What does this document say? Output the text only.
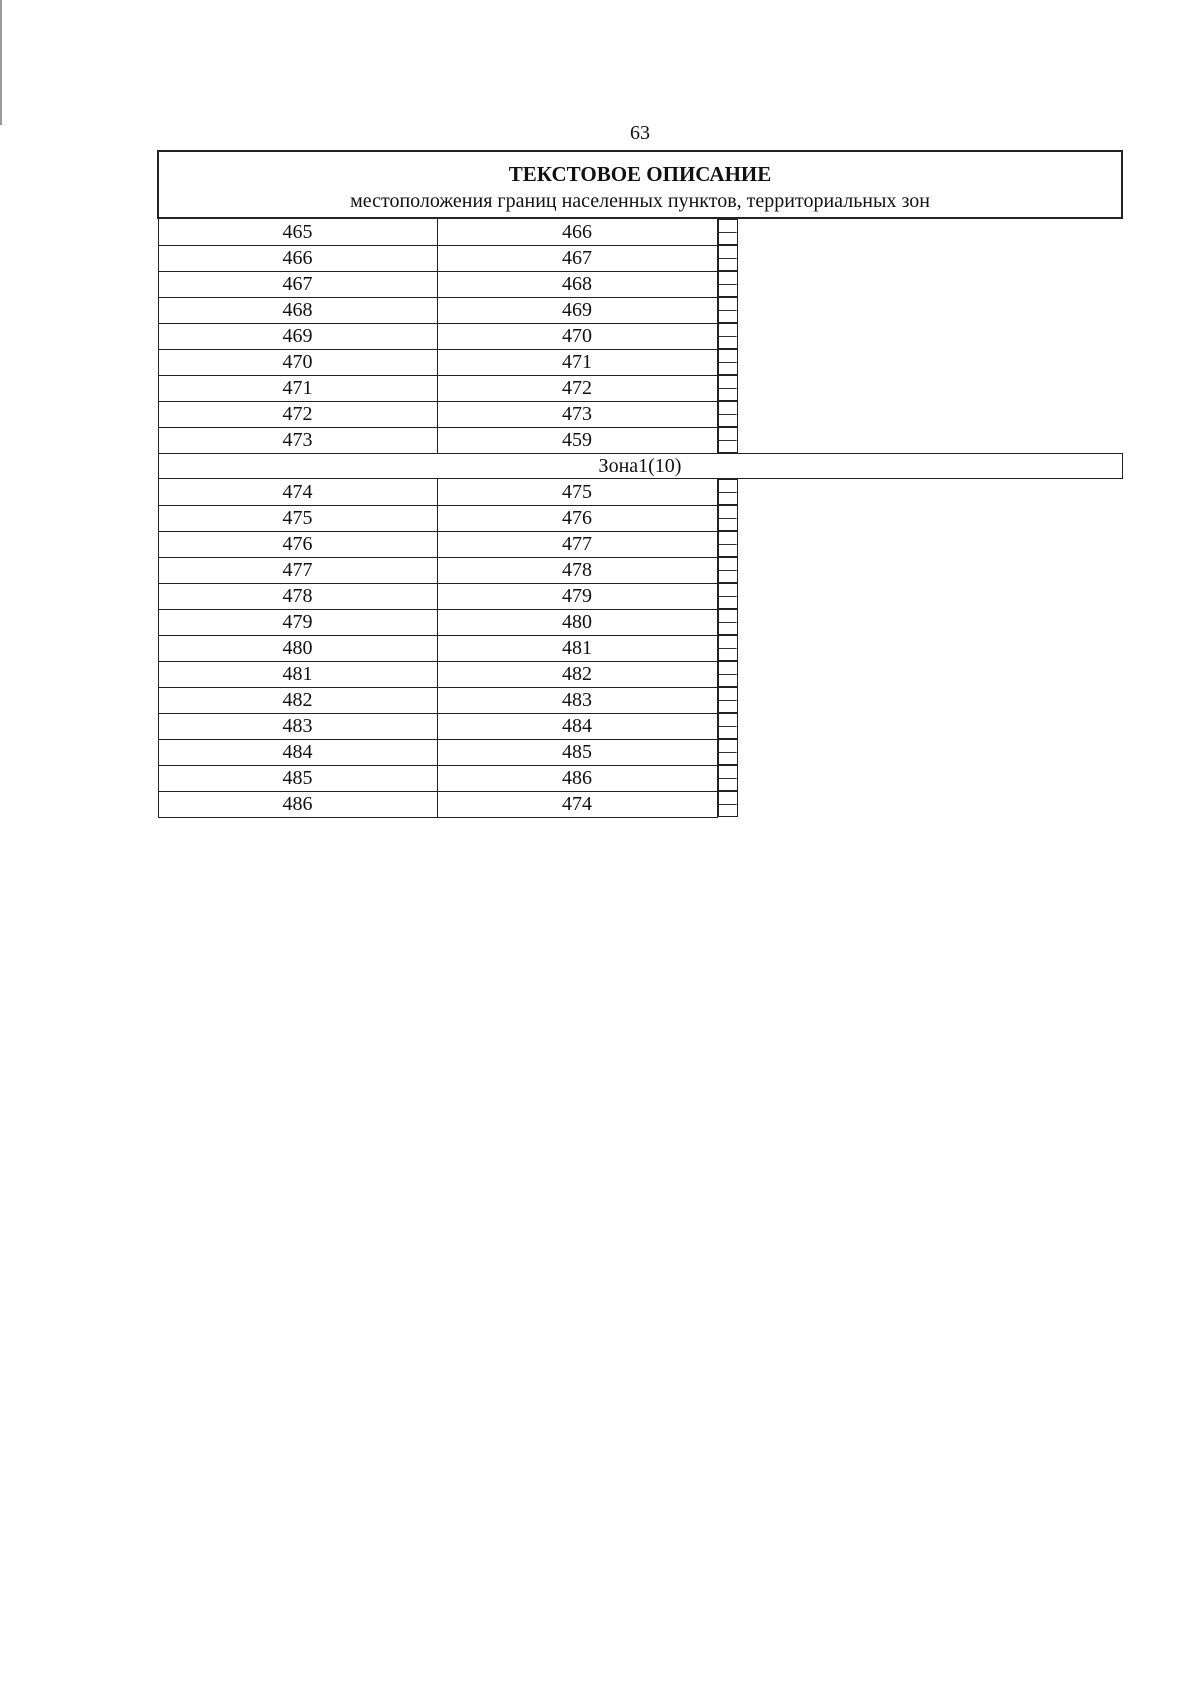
63
ТЕКСТОВОЕ ОПИСАНИЕ
местоположения границ населенных пунктов, территориальных зон	

465	466		—
466	467		—
467	468		—
468	469		—
469	470		—
470	471		—
471	472		—
472	473		—
473	459		—
Зона1(10)	
474	475		—
475	476		—
476	477		—
477	478		—
478	479		—
479	480		—
480	481		—
481	482		—
482	483		—
483	484		—
484	485		—
485	486		—
486	474		—
